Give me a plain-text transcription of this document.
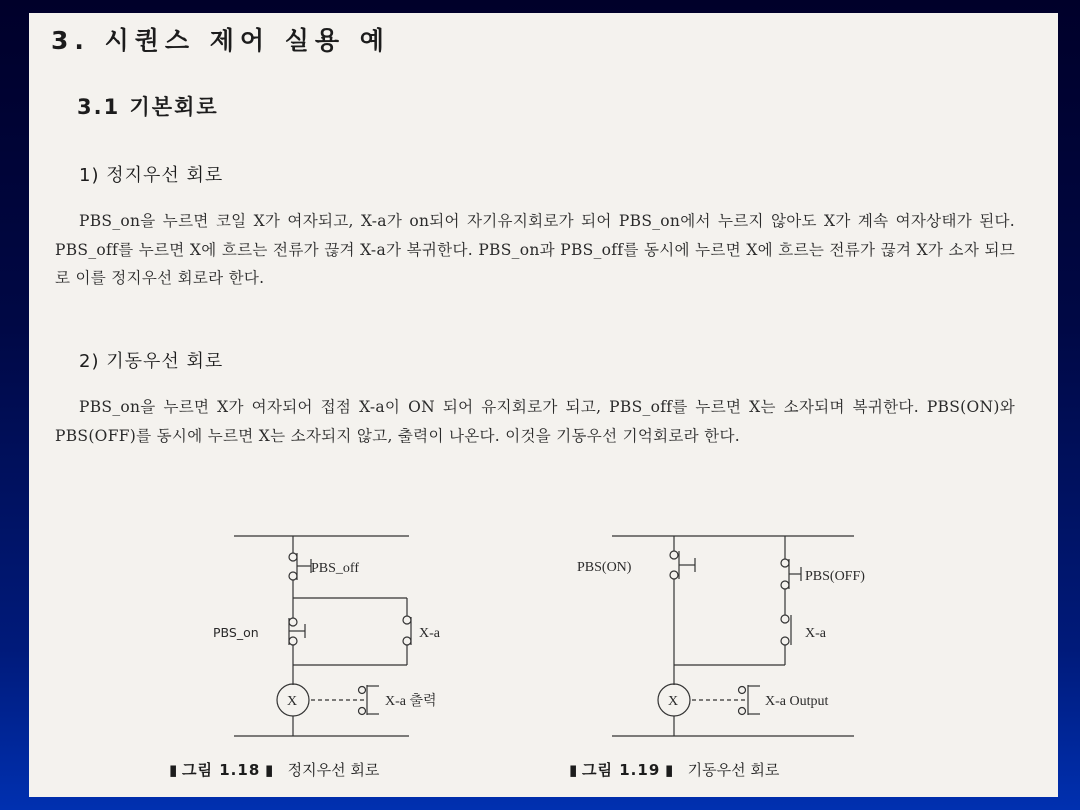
3. 시퀀스 제어 실용 예
3.1 기본회로
1) 정지우선 회로
PBS_on을 누르면 코일 X가 여자되고, X-a가 on되어 자기유지회로가 되어 PBS_on에서 누르지 않아도 X가 계속 여자상태가 된다. PBS_off를 누르면 X에 흐르는 전류가 끊겨 X-a가 복귀한다. PBS_on과 PBS_off를 동시에 누르면 X에 흐르는 전류가 끊겨 X가 소자 되므로 이를 정지우선 회로라 한다.
2) 기동우선 회로
PBS_on을 누르면 X가 여자되어 접점 X-a이 ON 되어 유지회로가 되고, PBS_off를 누르면 X는 소자되며 복귀한다. PBS(ON)와 PBS(OFF)를 동시에 누르면 X는 소자되지 않고, 출력이 나온다. 이것을 기동우선 기억회로라 한다.
PBS_off
PBS_on	X-a
X	X-a 출력
PBS(ON)
PBS(OFF)
X-a
X	X-a Output
▮ 그림 1.18 ▮ 정지우선 회로	▮ 그림 1.19 ▮ 기동우선 회로
